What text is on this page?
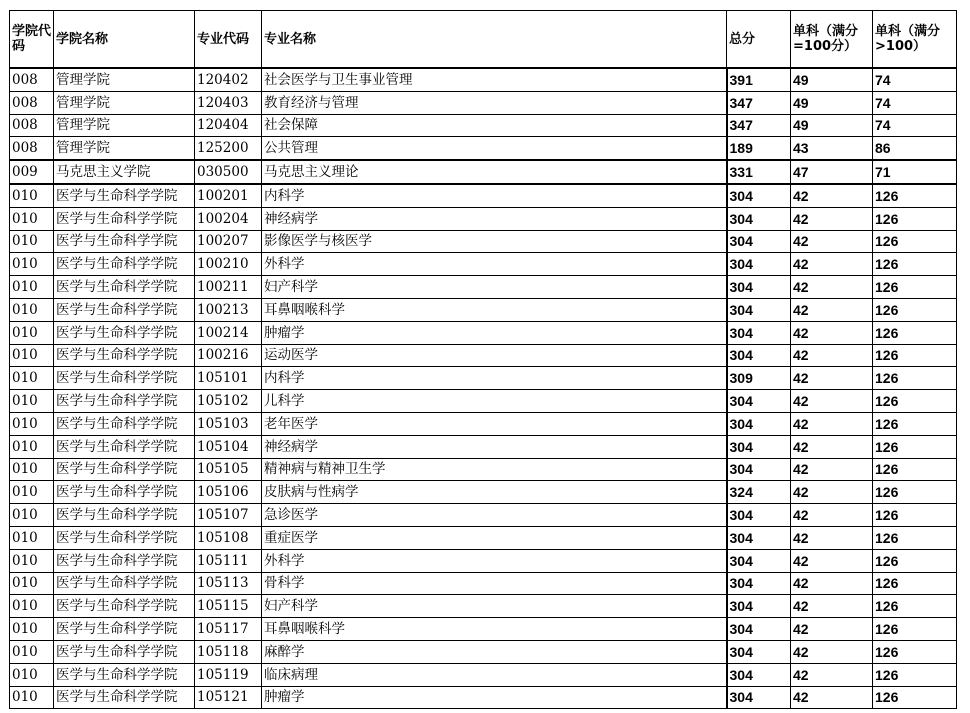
学院代码	学院名称	专业代码	专业名称	总分	单科（满分=100分）	单科（满分>100）
008	管理学院	120402	社会医学与卫生事业管理	391	49	74
008	管理学院	120403	教育经济与管理	347	49	74
008	管理学院	120404	社会保障	347	49	74
008	管理学院	125200	公共管理	189	43	86
009	马克思主义学院	030500	马克思主义理论	331	47	71
010	医学与生命科学学院	100201	内科学	304	42	126
010	医学与生命科学学院	100204	神经病学	304	42	126
010	医学与生命科学学院	100207	影像医学与核医学	304	42	126
010	医学与生命科学学院	100210	外科学	304	42	126
010	医学与生命科学学院	100211	妇产科学	304	42	126
010	医学与生命科学学院	100213	耳鼻咽喉科学	304	42	126
010	医学与生命科学学院	100214	肿瘤学	304	42	126
010	医学与生命科学学院	100216	运动医学	304	42	126
010	医学与生命科学学院	105101	内科学	309	42	126
010	医学与生命科学学院	105102	儿科学	304	42	126
010	医学与生命科学学院	105103	老年医学	304	42	126
010	医学与生命科学学院	105104	神经病学	304	42	126
010	医学与生命科学学院	105105	精神病与精神卫生学	304	42	126
010	医学与生命科学学院	105106	皮肤病与性病学	324	42	126
010	医学与生命科学学院	105107	急诊医学	304	42	126
010	医学与生命科学学院	105108	重症医学	304	42	126
010	医学与生命科学学院	105111	外科学	304	42	126
010	医学与生命科学学院	105113	骨科学	304	42	126
010	医学与生命科学学院	105115	妇产科学	304	42	126
010	医学与生命科学学院	105117	耳鼻咽喉科学	304	42	126
010	医学与生命科学学院	105118	麻醉学	304	42	126
010	医学与生命科学学院	105119	临床病理	304	42	126
010	医学与生命科学学院	105121	肿瘤学	304	42	126
